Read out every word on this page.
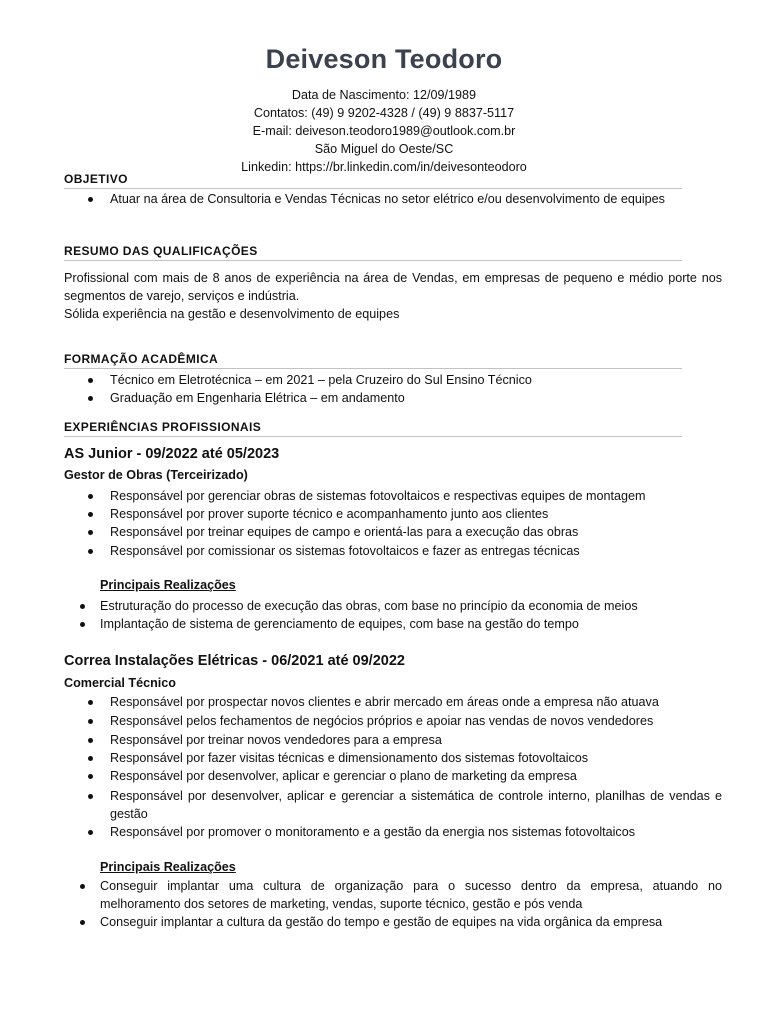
Deiveson Teodoro
Data de Nascimento: 12/09/1989
Contatos: (49) 9 9202-4328 / (49) 9 8837-5117
E-mail: deiveson.teodoro1989@outlook.com.br
São Miguel do Oeste/SC
Linkedin: https://br.linkedin.com/in/deivesonteodoro
OBJETIVO
Atuar na área de Consultoria e Vendas Técnicas no setor elétrico e/ou desenvolvimento de equipes
RESUMO DAS QUALIFICAÇÕES
Profissional com mais de 8 anos de experiência na área de Vendas, em empresas de pequeno e médio porte nos segmentos de varejo, serviços e indústria.
Sólida experiência na gestão e desenvolvimento de equipes
FORMAÇÃO ACADÊMICA
Técnico em Eletrotécnica – em 2021 – pela Cruzeiro do Sul Ensino Técnico
Graduação em Engenharia Elétrica – em andamento
EXPERIÊNCIAS PROFISSIONAIS
AS Junior - 09/2022 até 05/2023
Gestor de Obras (Terceirizado)
Responsável por gerenciar obras de sistemas fotovoltaicos e respectivas equipes de montagem
Responsável por prover suporte técnico e acompanhamento junto aos clientes
Responsável por treinar equipes de campo e orientá-las para a execução das obras
Responsável por comissionar os sistemas fotovoltaicos e fazer as entregas técnicas
Principais Realizações
Estruturação do processo de execução das obras, com base no princípio da economia de meios
Implantação de sistema de gerenciamento de equipes, com base na gestão do tempo
Correa Instalações Elétricas - 06/2021 até 09/2022
Comercial Técnico
Responsável por prospectar novos clientes e abrir mercado em áreas onde a empresa não atuava
Responsável pelos fechamentos de negócios próprios e apoiar nas vendas de novos vendedores
Responsável por treinar novos vendedores para a empresa
Responsável por fazer visitas técnicas e dimensionamento dos sistemas fotovoltaicos
Responsável por desenvolver, aplicar e gerenciar o plano de marketing da empresa
Responsável por desenvolver, aplicar e gerenciar a sistemática de controle interno, planilhas de vendas e gestão
Responsável por promover o monitoramento e a gestão da energia nos sistemas fotovoltaicos
Principais Realizações
Conseguir implantar uma cultura de organização para o sucesso dentro da empresa, atuando no melhoramento dos setores de marketing, vendas, suporte técnico, gestão e pós venda
Conseguir implantar a cultura da gestão do tempo e gestão de equipes na vida orgânica da empresa
